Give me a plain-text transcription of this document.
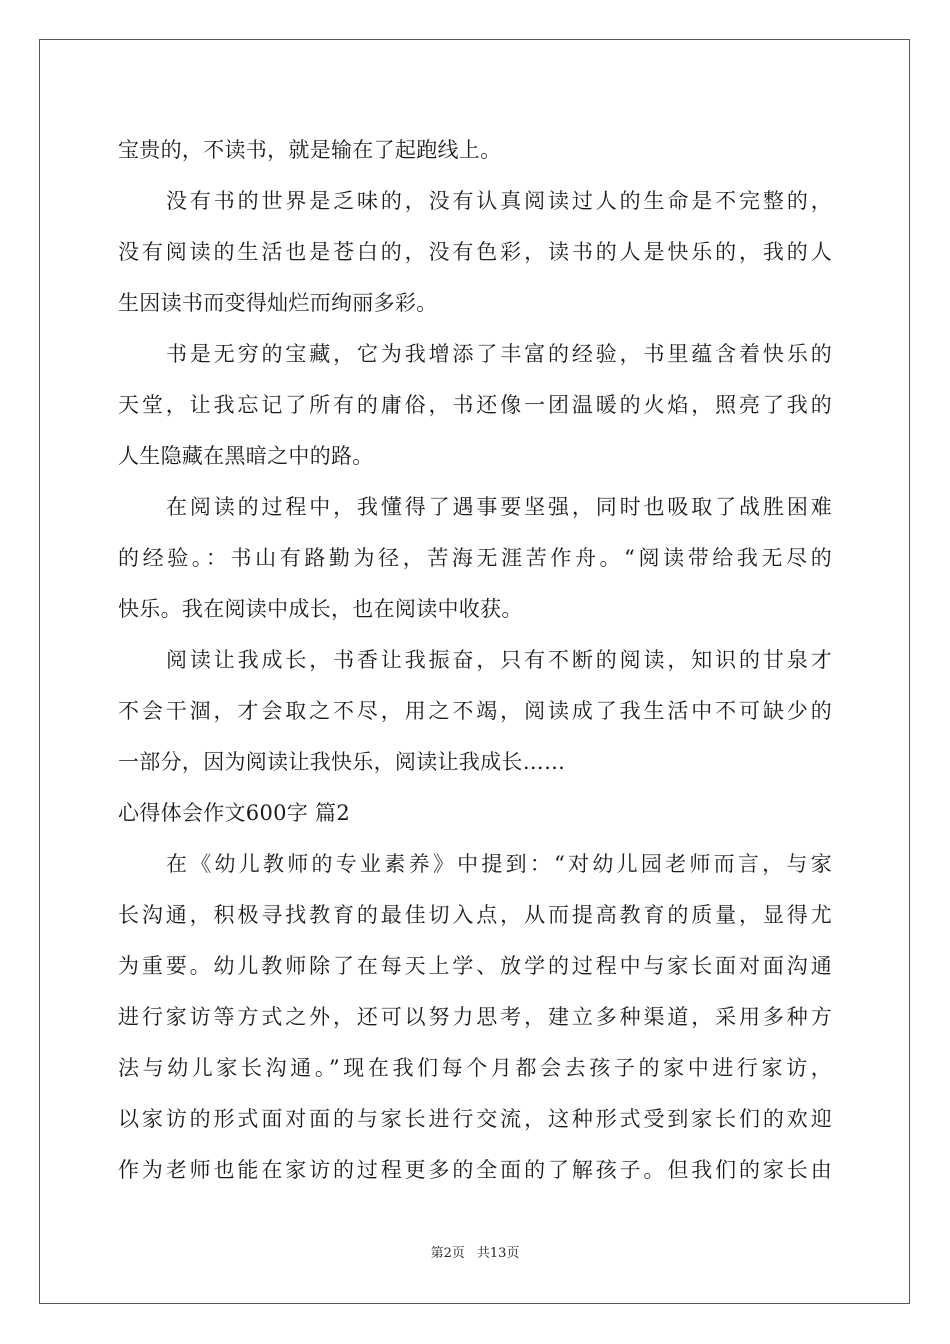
宝贵的，不读书，就是输在了起跑线上。
没有书的世界是乏味的，没有认真阅读过人的生命是不完整的，
没有阅读的生活也是苍白的，没有色彩，读书的人是快乐的，我的人
生因读书而变得灿烂而绚丽多彩。
书是无穷的宝藏，它为我增添了丰富的经验，书里蕴含着快乐的
天堂，让我忘记了所有的庸俗，书还像一团温暖的火焰，照亮了我的
人生隐藏在黑暗之中的路。
在阅读的过程中，我懂得了遇事要坚强，同时也吸取了战胜困难
的经验。：书山有路勤为径，苦海无涯苦作舟。“阅读带给我无尽的
快乐。我在阅读中成长，也在阅读中收获。
阅读让我成长，书香让我振奋，只有不断的阅读，知识的甘泉才
不会干涸，才会取之不尽，用之不竭，阅读成了我生活中不可缺少的
一部分，因为阅读让我快乐，阅读让我成长……
心得体会作文600字 篇2
在《幼儿教师的专业素养》中提到：“对幼儿园老师而言，与家
长沟通，积极寻找教育的最佳切入点，从而提高教育的质量，显得尤
为重要。幼儿教师除了在每天上学、放学的过程中与家长面对面沟通
进行家访等方式之外，还可以努力思考，建立多种渠道，采用多种方
法与幼儿家长沟通。”现在我们每个月都会去孩子的家中进行家访，
以家访的形式面对面的与家长进行交流，这种形式受到家长们的欢迎
作为老师也能在家访的过程更多的全面的了解孩子。但我们的家长由
第2页 共13页
